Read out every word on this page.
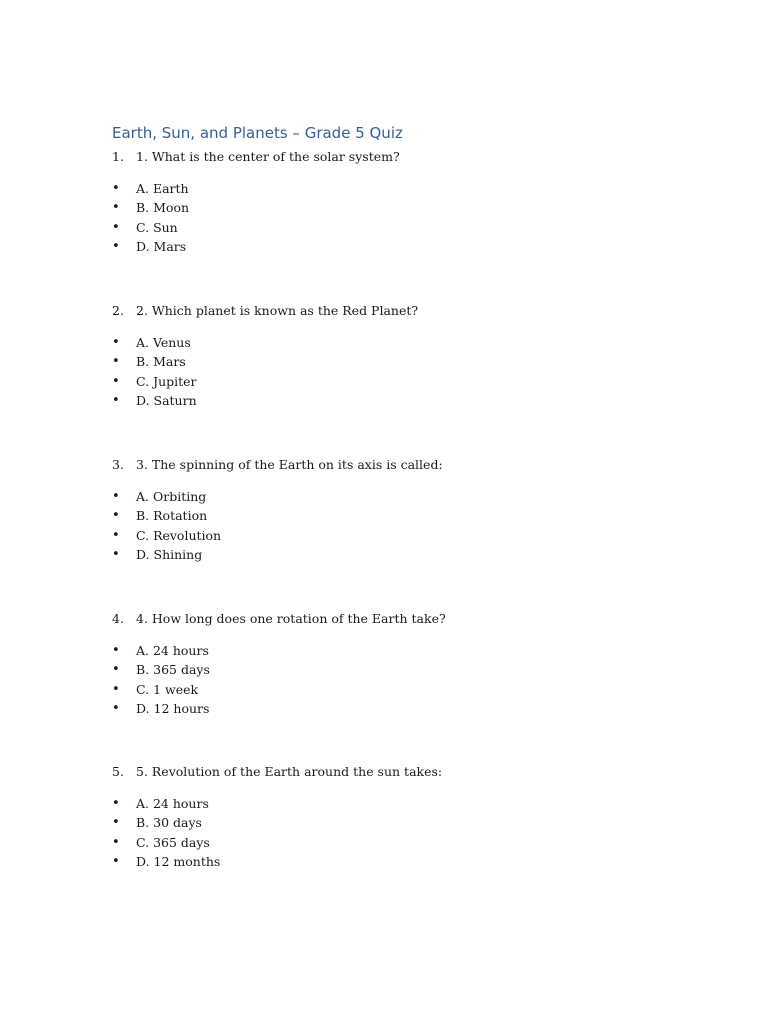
Earth, Sun, and Planets – Grade 5 Quiz
1. 1. What is the center of the solar system?
• A. Earth
• B. Moon
• C. Sun
• D. Mars
2. 2. Which planet is known as the Red Planet?
• A. Venus
• B. Mars
• C. Jupiter
• D. Saturn
3. 3. The spinning of the Earth on its axis is called:
• A. Orbiting
• B. Rotation
• C. Revolution
• D. Shining
4. 4. How long does one rotation of the Earth take?
• A. 24 hours
• B. 365 days
• C. 1 week
• D. 12 hours
5. 5. Revolution of the Earth around the sun takes:
• A. 24 hours
• B. 30 days
• C. 365 days
• D. 12 months
